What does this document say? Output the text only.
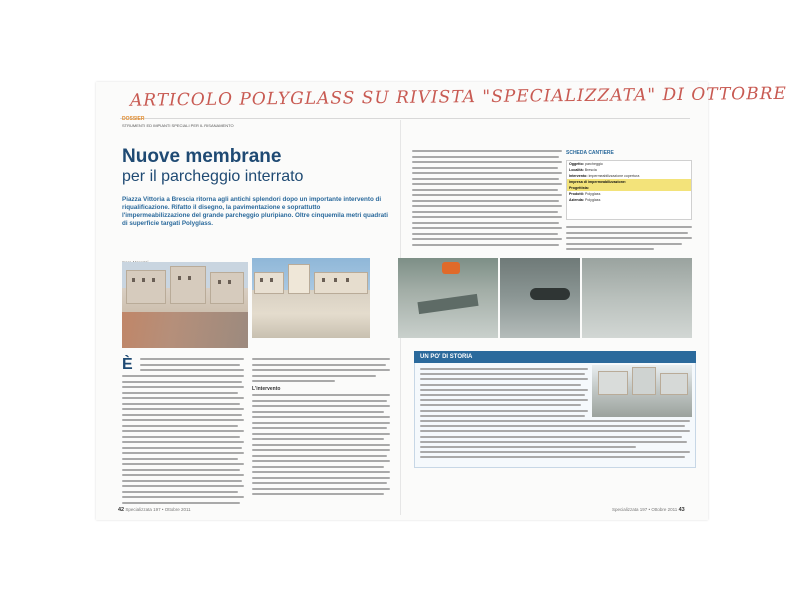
ARTICOLO POLYGLASS SU RIVISTA "SPECIALIZZATA" DI OTTOBRE
DOSSIER
STRUMENTI ED IMPIANTI SPECIALI PER IL RISANAMENTO
Nuove membrane
per il parcheggio interrato
Piazza Vittoria a Brescia ritorna agli antichi splendori dopo un importante intervento di riqualificazione. Rifatto il disegno, la pavimentazione e soprattutto l'impermeabilizzazione del grande parcheggio pluripiano. Oltre cinquemila metri quadrati di superficie targati Polyglass.
È
L'intervento
SCHEDA CANTIERE
Oggetto: parcheggio
Località: Brescia
Intervento: impermeabilizzazione copertura
Impresa di impermeabilizzazione:
Progettista:
Prodotti: Polyglass
Azienda: Polyglass
UN PO' DI STORIA
42 Specializzata 197 • Ottobre 2011	Specializzata 197 • Ottobre 2011 43
